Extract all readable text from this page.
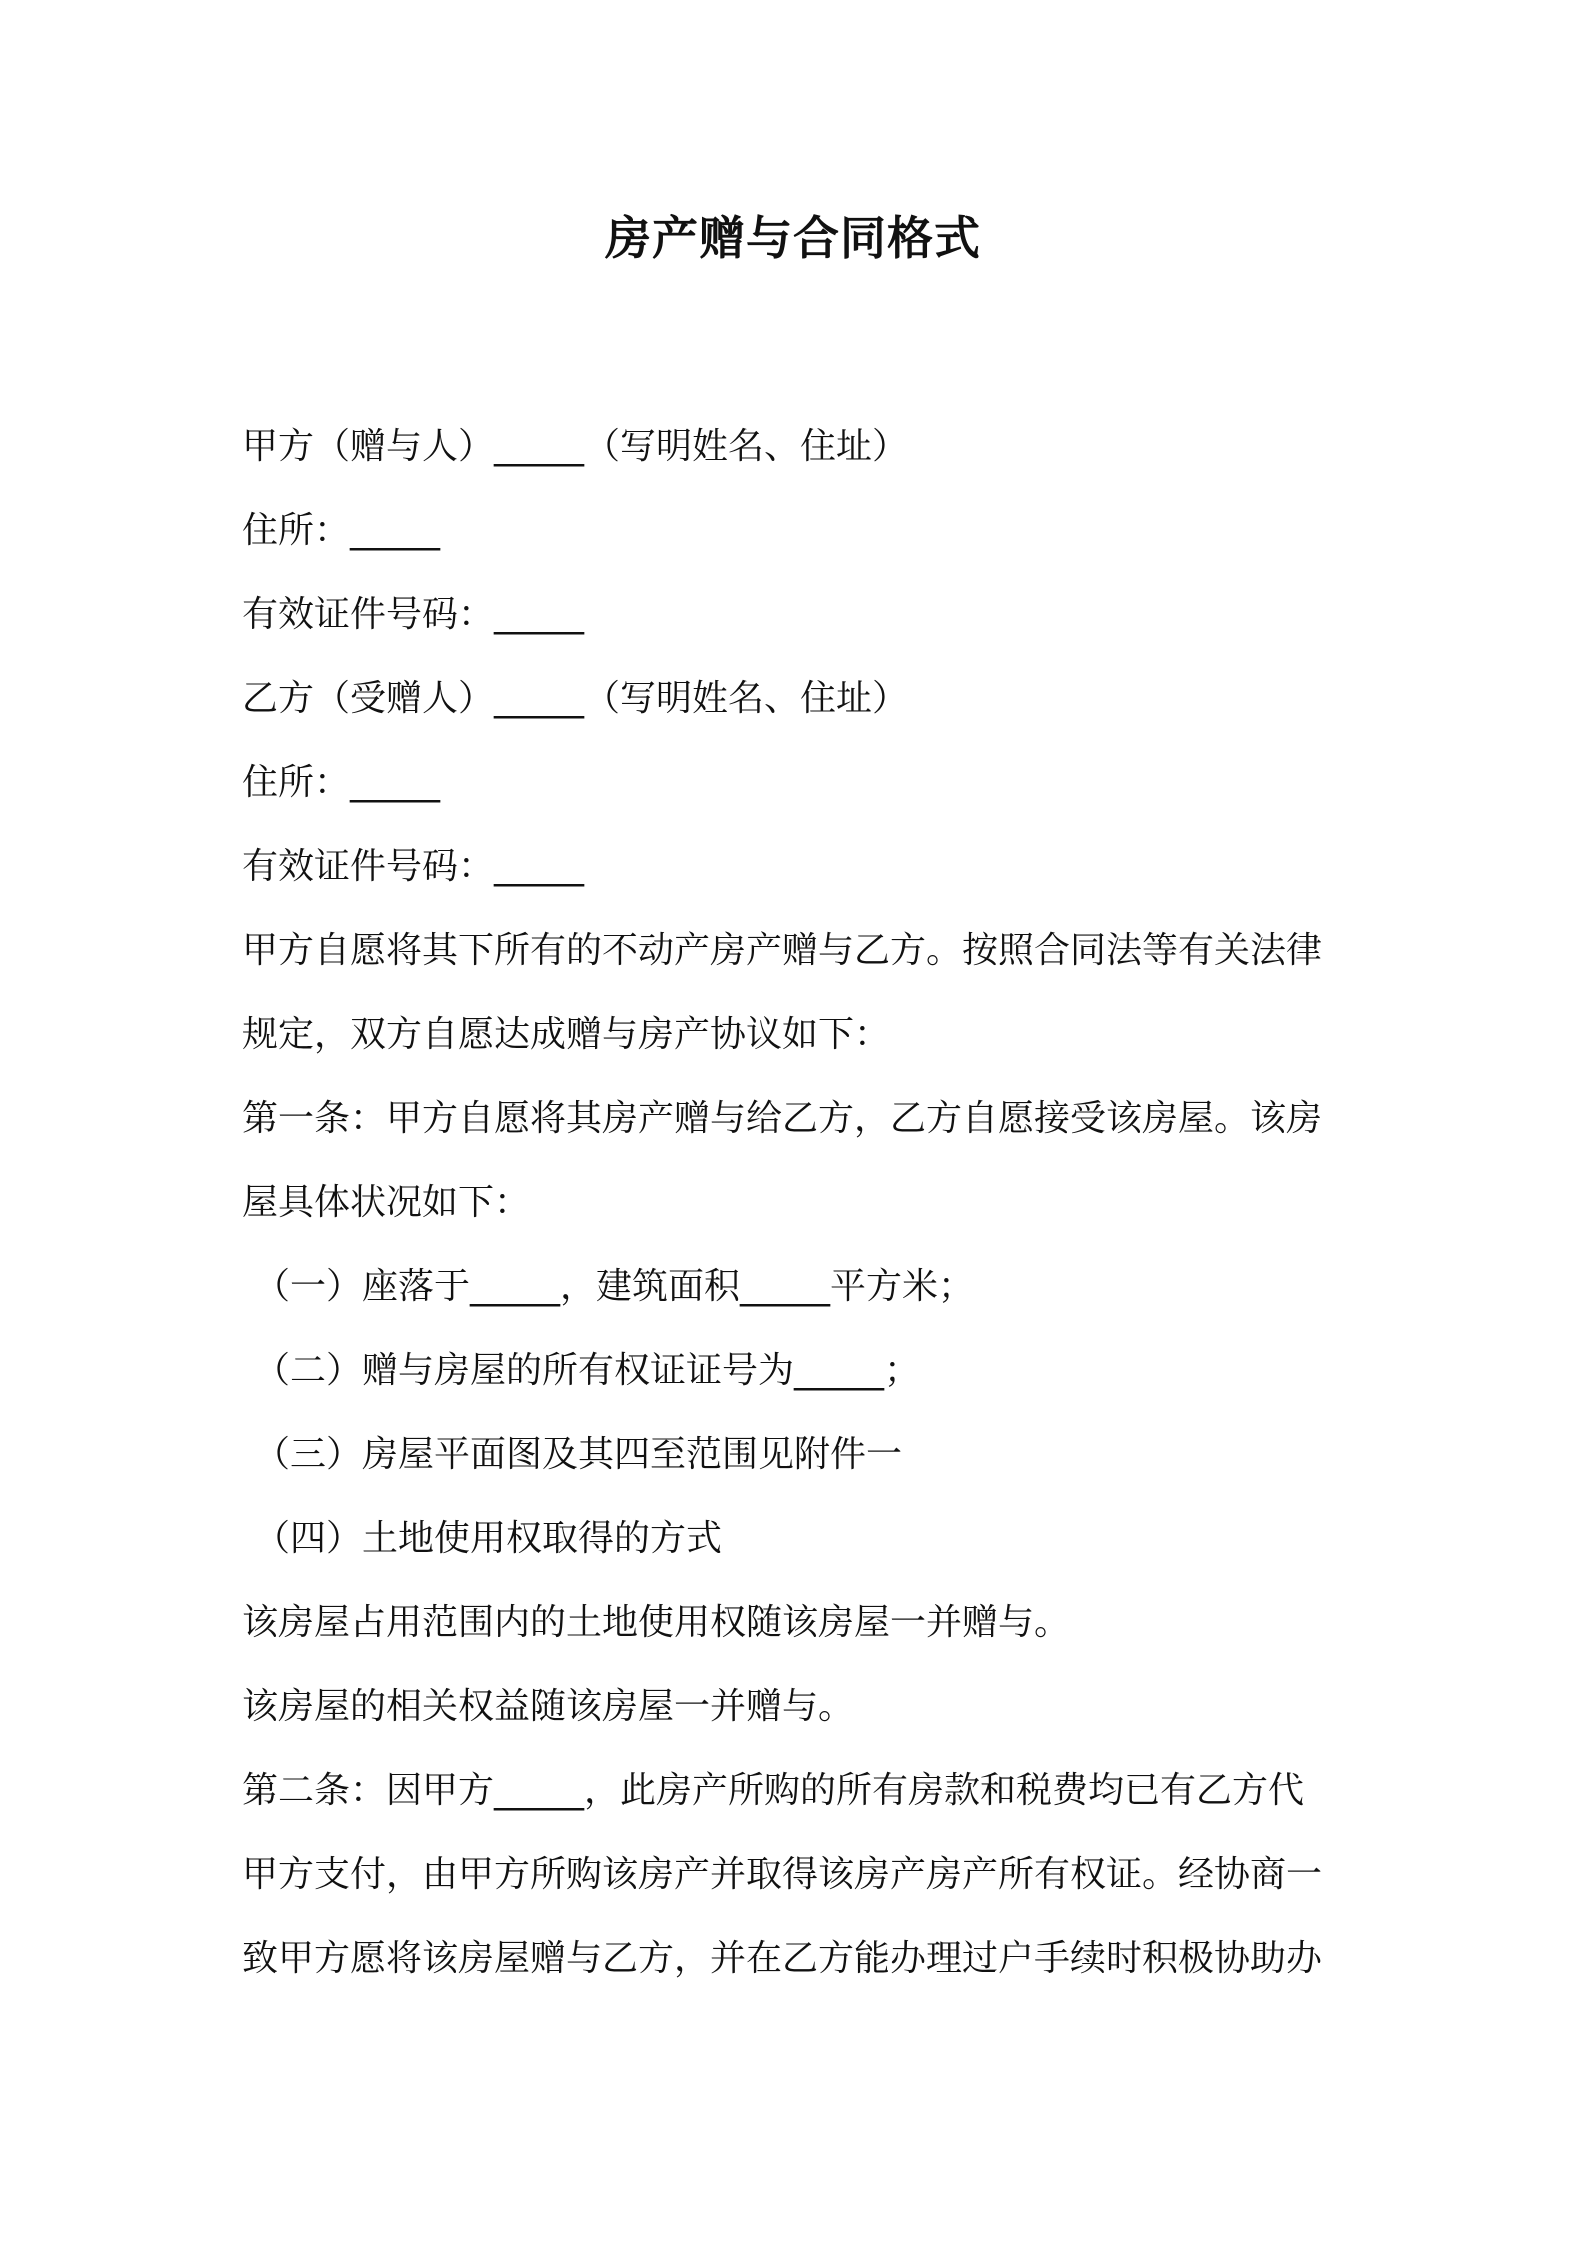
房产赠与合同格式

甲方（赠与人）_____（写明姓名、住址）

住所：_____

有效证件号码：_____

乙方（受赠人）_____（写明姓名、住址）

住所：_____

有效证件号码：_____

甲方自愿将其下所有的不动产房产赠与乙方。按照合同法等有关法律

规定，双方自愿达成赠与房产协议如下：

第一条：甲方自愿将其房产赠与给乙方，乙方自愿接受该房屋。该房

屋具体状况如下：

（一）座落于_____，建筑面积_____平方米；

（二）赠与房屋的所有权证证号为_____；

（三）房屋平面图及其四至范围见附件一

（四）土地使用权取得的方式

该房屋占用范围内的土地使用权随该房屋一并赠与。

该房屋的相关权益随该房屋一并赠与。

第二条：因甲方_____，此房产所购的所有房款和税费均已有乙方代

甲方支付，由甲方所购该房产并取得该房产房产所有权证。经协商一

致甲方愿将该房屋赠与乙方，并在乙方能办理过户手续时积极协助办
